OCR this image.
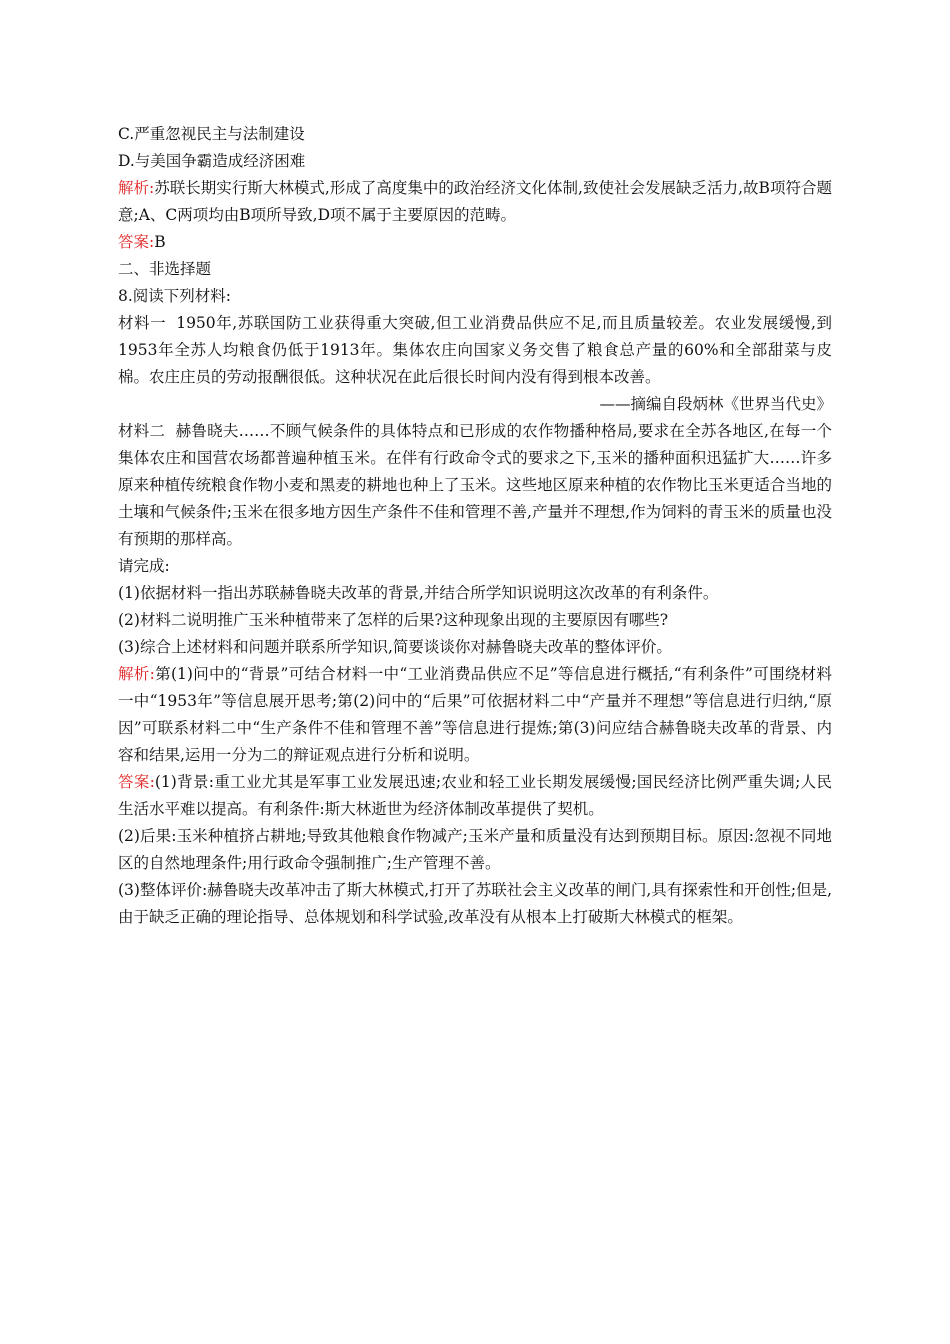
C.严重忽视民主与法制建设

D.与美国争霸造成经济困难

解析:苏联长期实行斯大林模式,形成了高度集中的政治经济文化体制,致使社会发展缺乏活力,故B项符合题意;A、C两项均由B项所导致,D项不属于主要原因的范畴。

答案:B

二、非选择题

8.阅读下列材料:

材料一 1950年,苏联国防工业获得重大突破,但工业消费品供应不足,而且质量较差。农业发展缓慢,到1953年全苏人均粮食仍低于1913年。集体农庄向国家义务交售了粮食总产量的60%和全部甜菜与皮棉。农庄庄员的劳动报酬很低。这种状况在此后很长时间内没有得到根本改善。

——摘编自段炳林《世界当代史》

材料二 赫鲁晓夫……不顾气候条件的具体特点和已形成的农作物播种格局,要求在全苏各地区,在每一个集体农庄和国营农场都普遍种植玉米。在伴有行政命令式的要求之下,玉米的播种面积迅猛扩大……许多原来种植传统粮食作物小麦和黑麦的耕地也种上了玉米。这些地区原来种植的农作物比玉米更适合当地的土壤和气候条件;玉米在很多地方因生产条件不佳和管理不善,产量并不理想,作为饲料的青玉米的质量也没有预期的那样高。

请完成:

(1)依据材料一指出苏联赫鲁晓夫改革的背景,并结合所学知识说明这次改革的有利条件。

(2)材料二说明推广玉米种植带来了怎样的后果?这种现象出现的主要原因有哪些?

(3)综合上述材料和问题并联系所学知识,简要谈谈你对赫鲁晓夫改革的整体评价。

解析:第(1)问中的“背景”可结合材料一中“工业消费品供应不足”等信息进行概括,“有利条件”可围绕材料一中“1953年”等信息展开思考;第(2)问中的“后果”可依据材料二中“产量并不理想”等信息进行归纳,“原因”可联系材料二中“生产条件不佳和管理不善”等信息进行提炼;第(3)问应结合赫鲁晓夫改革的背景、内容和结果,运用一分为二的辩证观点进行分析和说明。

答案:(1)背景:重工业尤其是军事工业发展迅速;农业和轻工业长期发展缓慢;国民经济比例严重失调;人民生活水平难以提高。有利条件:斯大林逝世为经济体制改革提供了契机。

(2)后果:玉米种植挤占耕地;导致其他粮食作物减产;玉米产量和质量没有达到预期目标。原因:忽视不同地区的自然地理条件;用行政命令强制推广;生产管理不善。

(3)整体评价:赫鲁晓夫改革冲击了斯大林模式,打开了苏联社会主义改革的闸门,具有探索性和开创性;但是,由于缺乏正确的理论指导、总体规划和科学试验,改革没有从根本上打破斯大林模式的框架。
